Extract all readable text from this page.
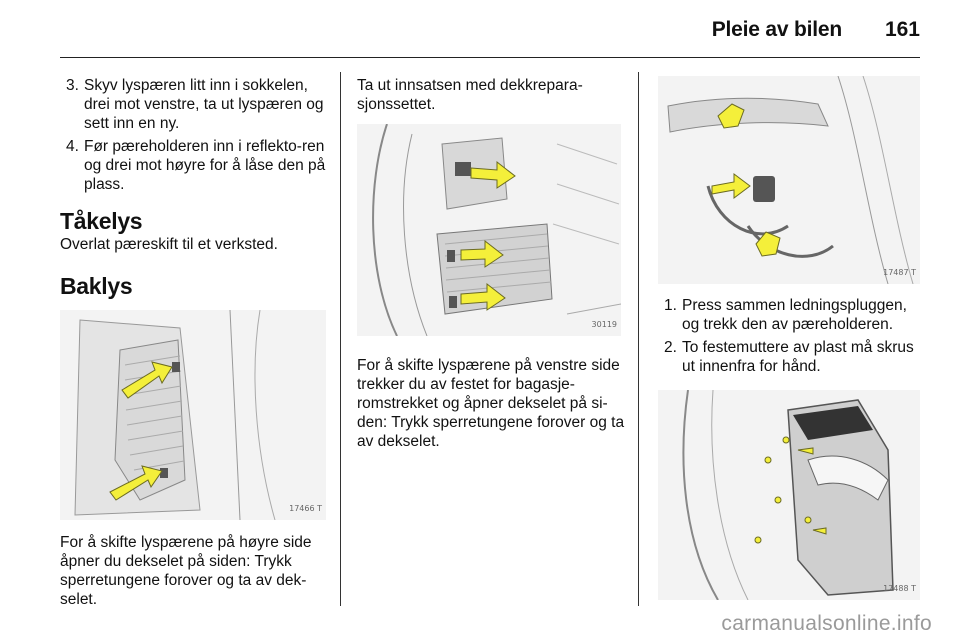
Pleie av bilen 161
3. Skyv lyspæren litt inn i sokkelen, drei mot venstre, ta ut lyspæren og sett inn en ny.
4. Før pæreholderen inn i reflekto-ren og drei mot høyre for å låse den på plass.
Tåkelys

Overlat pæreskift til et verksted.

Baklys
17466 T

For å skifte lyspærene på høyre side åpner du dekselet på siden: Trykk sperretungene forover og ta av dek-selet.

Ta ut innsatsen med dekkrepara-sjonssettet.

30119

For å skifte lyspærene på venstre side trekker du av festet for bagasje-romstrekket og åpner dekselet på si-den: Trykk sperretungene forover og ta av dekselet.

17487 T
1. Press sammen ledningspluggen, og trekk den av pæreholderen.
2. To festemuttere av plast må skrus ut innenfra for hånd.
17488 T
carmanualsonline.info
